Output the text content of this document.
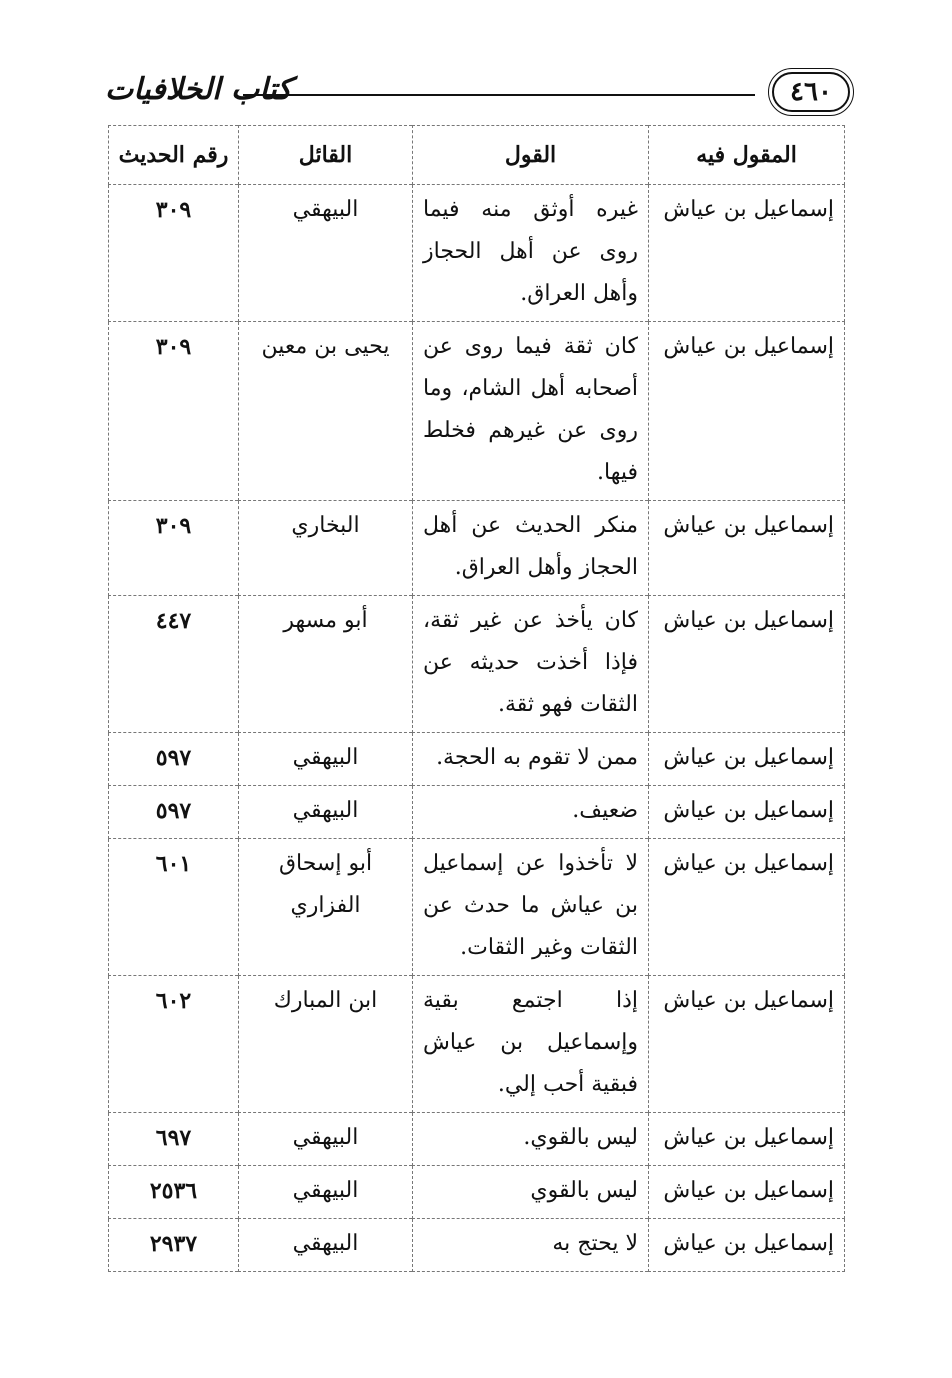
كتاب الخلافيات	٤٦٠
المقول فيه	القول	القائل	رقم الحديث
إسماعيل بن عياش	غيره أوثق منه فيما روى عن أهل الحجاز وأهل العراق.	البيهقي	٣٠٩
إسماعيل بن عياش	كان ثقة فيما روى عن أصحابه أهل الشام، وما روى عن غيرهم فخلط فيها.	يحيى بن معين	٣٠٩
إسماعيل بن عياش	منكر الحديث عن أهل الحجاز وأهل العراق.	البخاري	٣٠٩
إسماعيل بن عياش	كان يأخذ عن غير ثقة، فإذا أخذت حديثه عن الثقات فهو ثقة.	أبو مسهر	٤٤٧
إسماعيل بن عياش	ممن لا تقوم به الحجة.	البيهقي	٥٩٧
إسماعيل بن عياش	ضعيف.	البيهقي	٥٩٧
إسماعيل بن عياش	لا تأخذوا عن إسماعيل بن عياش ما حدث عن الثقات وغير الثقات.	أبو إسحاق الفزاري	٦٠١
إسماعيل بن عياش	إذا اجتمع بقية وإسماعيل بن عياش فبقية أحب إلي.	ابن المبارك	٦٠٢
إسماعيل بن عياش	ليس بالقوي.	البيهقي	٦٩٧
إسماعيل بن عياش	ليس بالقوي	البيهقي	٢٥٣٦
إسماعيل بن عياش	لا يحتج به	البيهقي	٢٩٣٧
